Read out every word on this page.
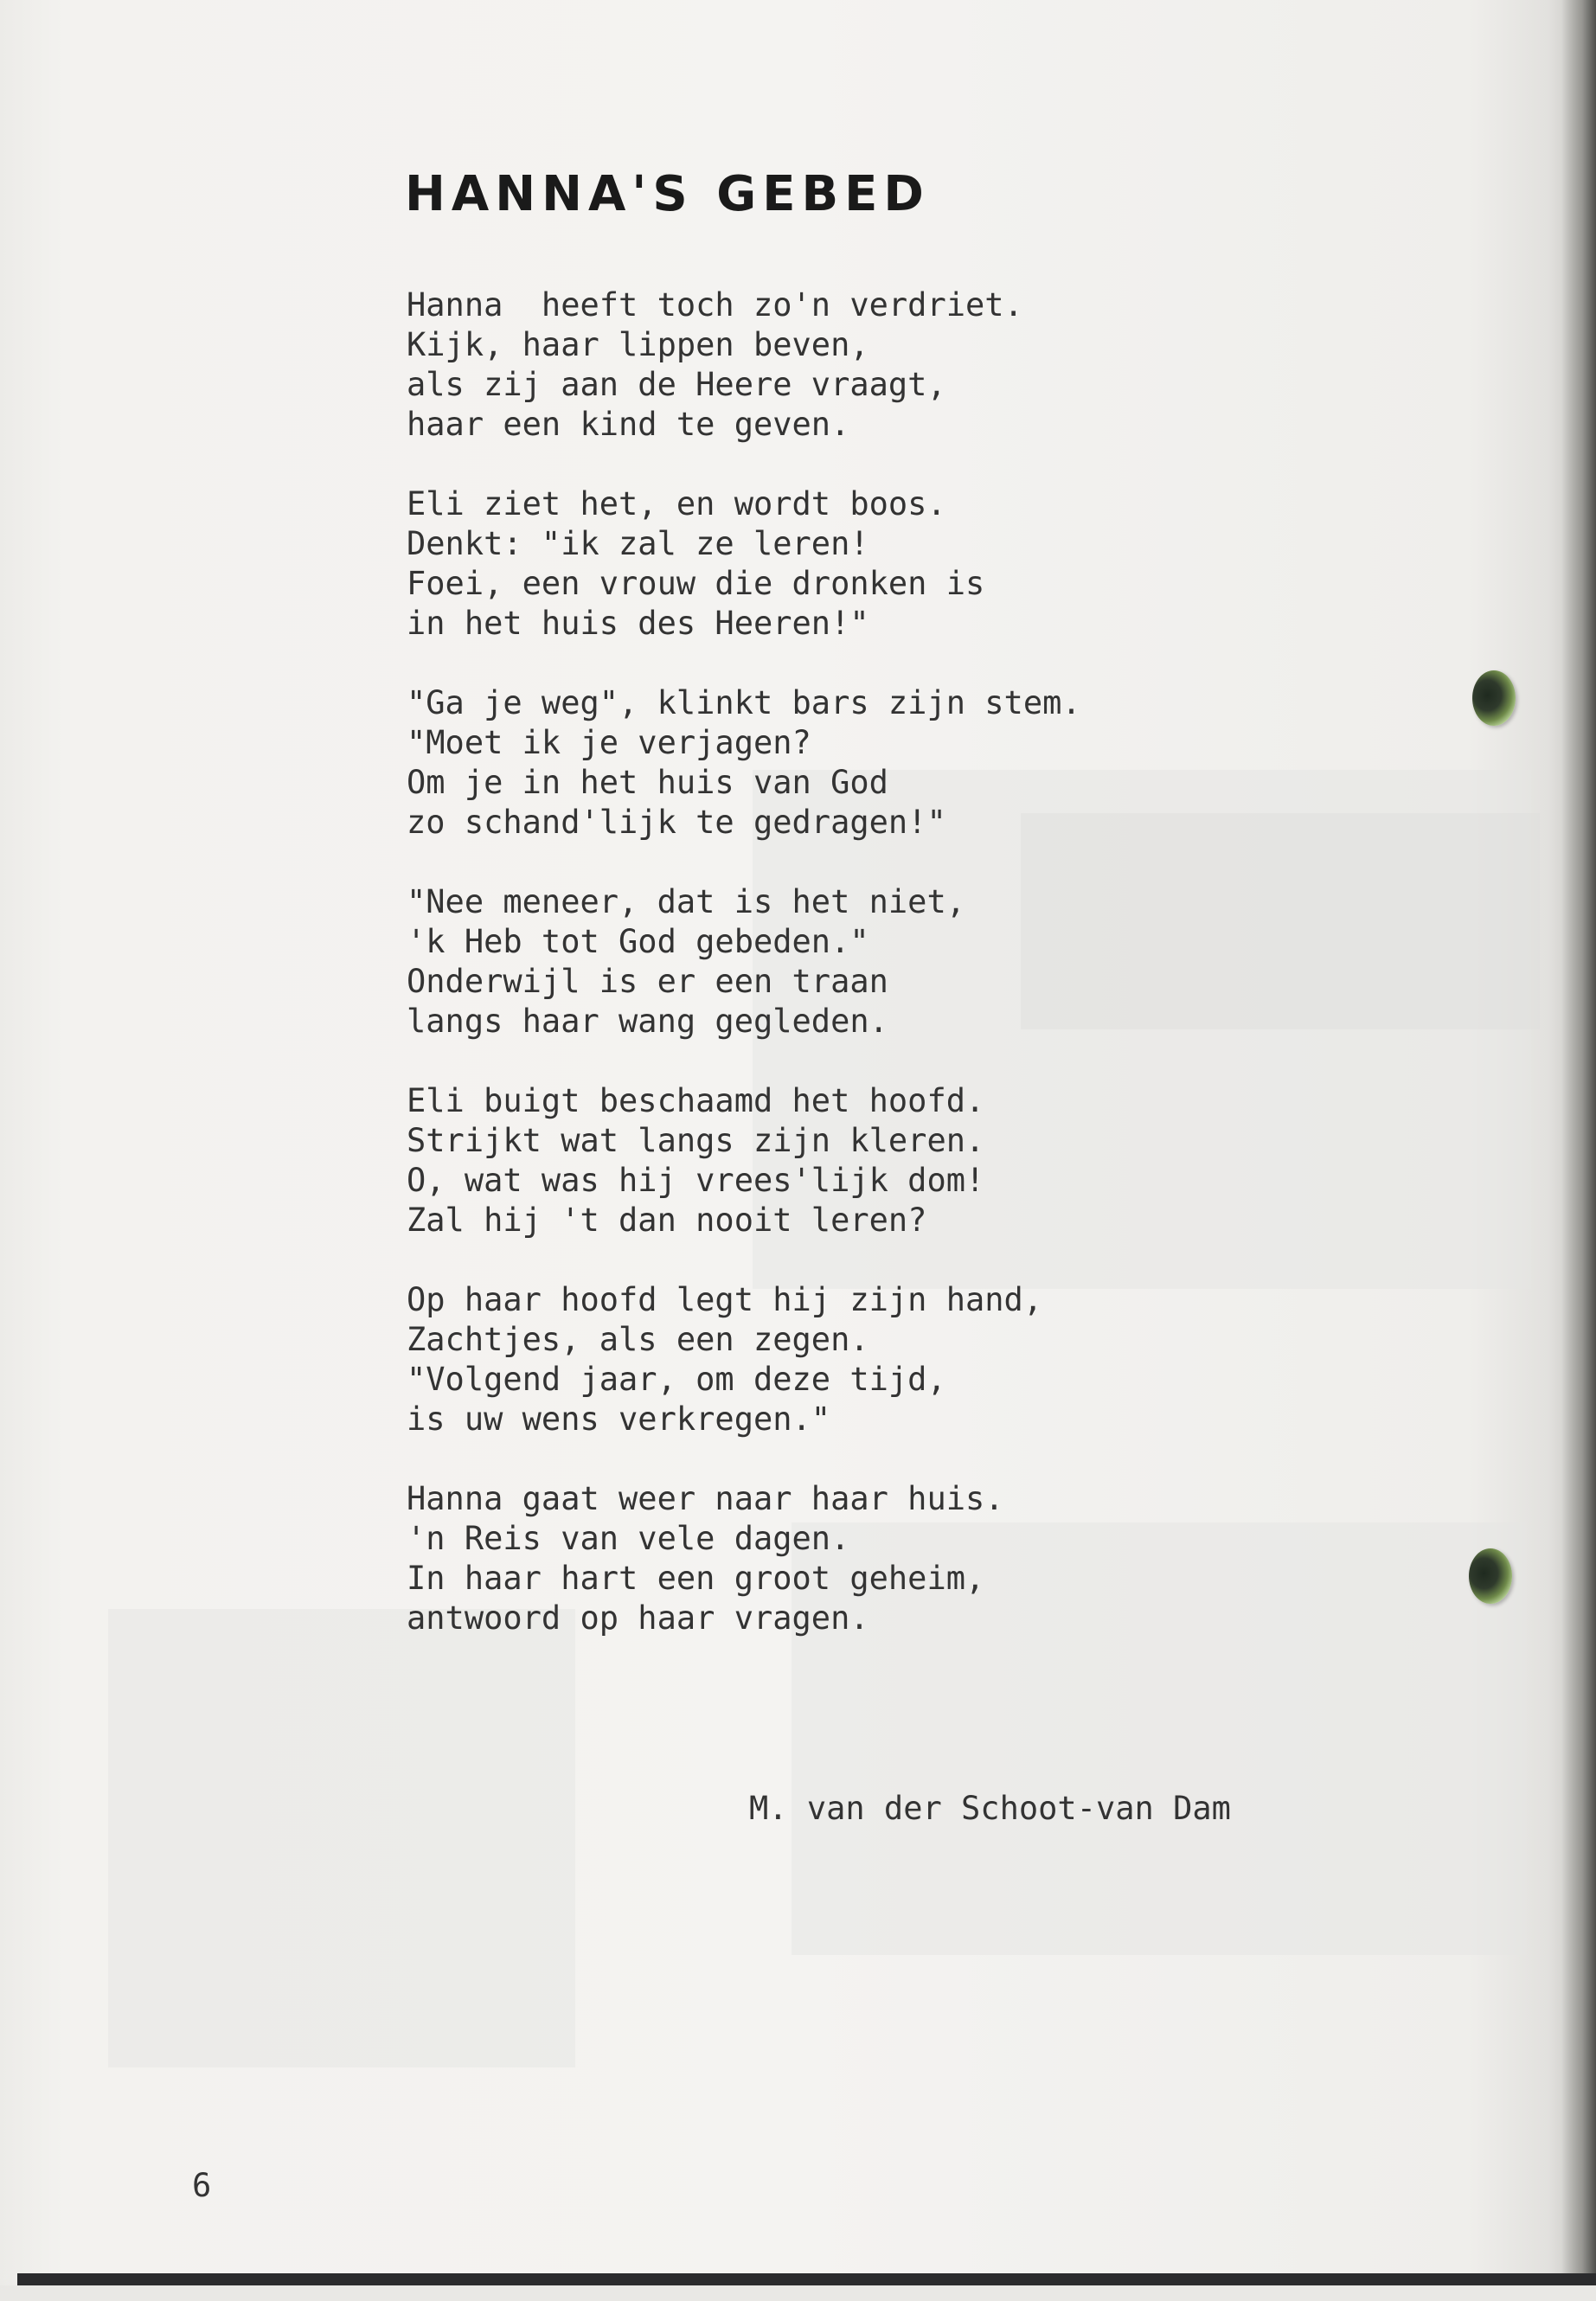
HANNA'S GEBED
Hanna  heeft toch zo'n verdriet.
Kijk, haar lippen beven,
als zij aan de Heere vraagt,
haar een kind te geven.
Eli ziet het, en wordt boos.
Denkt: "ik zal ze leren!
Foei, een vrouw die dronken is
in het huis des Heeren!"
"Ga je weg", klinkt bars zijn stem.
"Moet ik je verjagen?
Om je in het huis van God
zo schand'lijk te gedragen!"
"Nee meneer, dat is het niet,
'k Heb tot God gebeden."
Onderwijl is er een traan
langs haar wang gegleden.
Eli buigt beschaamd het hoofd.
Strijkt wat langs zijn kleren.
O, wat was hij vrees'lijk dom!
Zal hij 't dan nooit leren?
Op haar hoofd legt hij zijn hand,
Zachtjes, als een zegen.
"Volgend jaar, om deze tijd,
is uw wens verkregen."
Hanna gaat weer naar haar huis.
'n Reis van vele dagen.
In haar hart een groot geheim,
antwoord op haar vragen.
M. van der Schoot-van Dam
6
